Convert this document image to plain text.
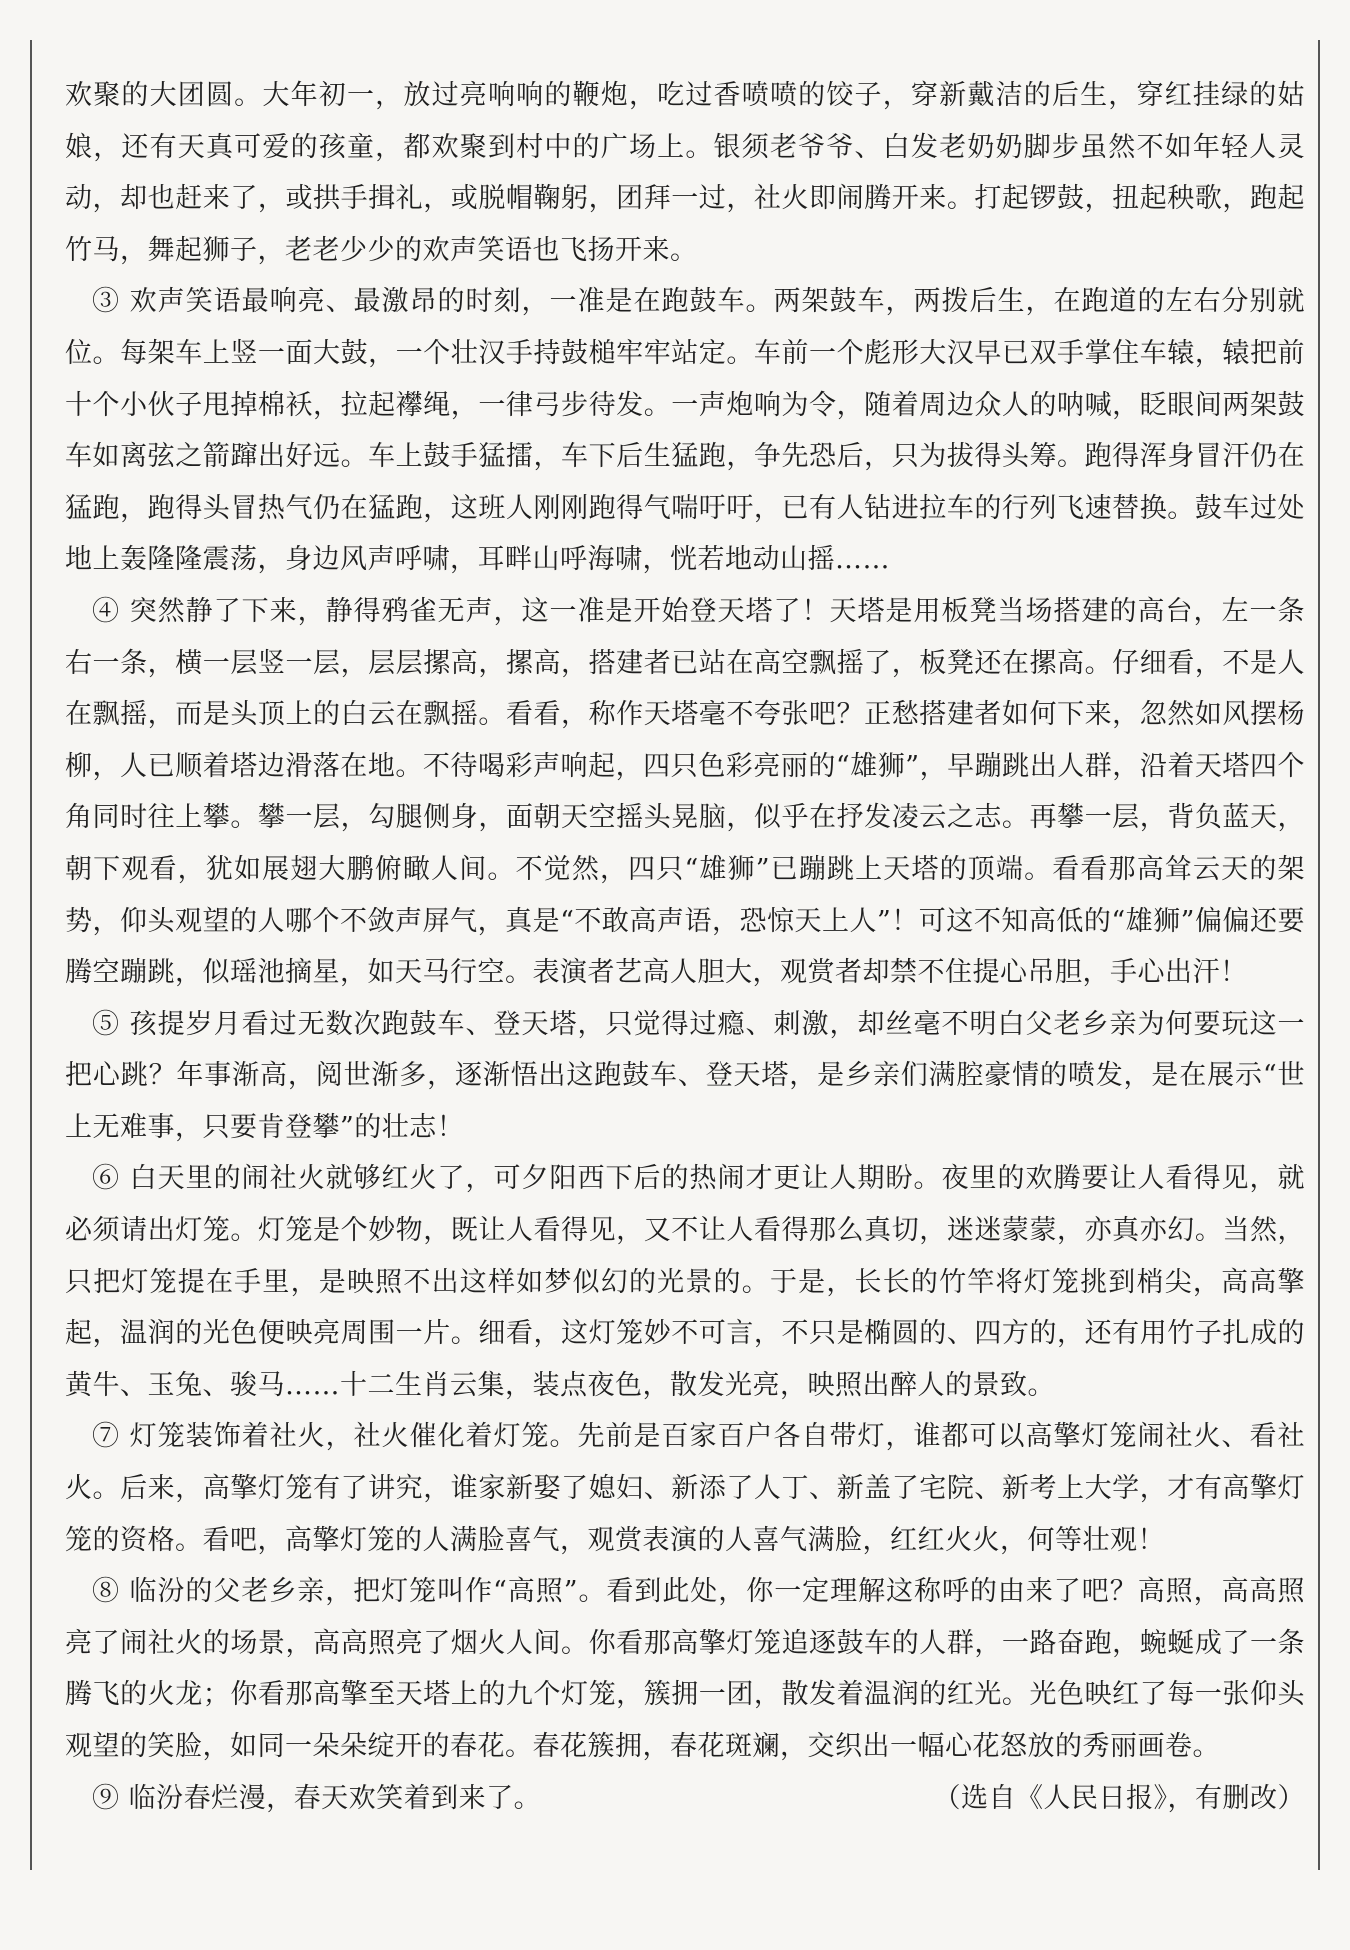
欢聚的大团圆。大年初一，放过亮响响的鞭炮，吃过香喷喷的饺子，穿新戴洁的后生，穿红挂绿的姑娘，还有天真可爱的孩童，都欢聚到村中的广场上。银须老爷爷、白发老奶奶脚步虽然不如年轻人灵动，却也赶来了，或拱手揖礼，或脱帽鞠躬，团拜一过，社火即闹腾开来。打起锣鼓，扭起秧歌，跑起竹马，舞起狮子，老老少少的欢声笑语也飞扬开来。

③ 欢声笑语最响亮、最激昂的时刻，一准是在跑鼓车。两架鼓车，两拨后生，在跑道的左右分别就位。每架车上竖一面大鼓，一个壮汉手持鼓槌牢牢站定。车前一个彪形大汉早已双手掌住车辕，辕把前十个小伙子甩掉棉袄，拉起襻绳，一律弓步待发。一声炮响为令，随着周边众人的呐喊，眨眼间两架鼓车如离弦之箭蹿出好远。车上鼓手猛擂，车下后生猛跑，争先恐后，只为拔得头筹。跑得浑身冒汗仍在猛跑，跑得头冒热气仍在猛跑，这班人刚刚跑得气喘吁吁，已有人钻进拉车的行列飞速替换。鼓车过处地上轰隆隆震荡，身边风声呼啸，耳畔山呼海啸，恍若地动山摇……

④ 突然静了下来，静得鸦雀无声，这一准是开始登天塔了！天塔是用板凳当场搭建的高台，左一条右一条，横一层竖一层，层层摞高，摞高，搭建者已站在高空飘摇了，板凳还在摞高。仔细看，不是人在飘摇，而是头顶上的白云在飘摇。看看，称作天塔毫不夸张吧？正愁搭建者如何下来，忽然如风摆杨柳，人已顺着塔边滑落在地。不待喝彩声响起，四只色彩亮丽的“雄狮”，早蹦跳出人群，沿着天塔四个角同时往上攀。攀一层，勾腿侧身，面朝天空摇头晃脑，似乎在抒发凌云之志。再攀一层，背负蓝天，朝下观看，犹如展翅大鹏俯瞰人间。不觉然，四只“雄狮”已蹦跳上天塔的顶端。看看那高耸云天的架势，仰头观望的人哪个不敛声屏气，真是“不敢高声语，恐惊天上人”！可这不知高低的“雄狮”偏偏还要腾空蹦跳，似瑶池摘星，如天马行空。表演者艺高人胆大，观赏者却禁不住提心吊胆，手心出汗！

⑤ 孩提岁月看过无数次跑鼓车、登天塔，只觉得过瘾、刺激，却丝毫不明白父老乡亲为何要玩这一把心跳？年事渐高，阅世渐多，逐渐悟出这跑鼓车、登天塔，是乡亲们满腔豪情的喷发，是在展示“世上无难事，只要肯登攀”的壮志！

⑥ 白天里的闹社火就够红火了，可夕阳西下后的热闹才更让人期盼。夜里的欢腾要让人看得见，就必须请出灯笼。灯笼是个妙物，既让人看得见，又不让人看得那么真切，迷迷蒙蒙，亦真亦幻。当然，只把灯笼提在手里，是映照不出这样如梦似幻的光景的。于是，长长的竹竿将灯笼挑到梢尖，高高擎起，温润的光色便映亮周围一片。细看，这灯笼妙不可言，不只是椭圆的、四方的，还有用竹子扎成的黄牛、玉兔、骏马……十二生肖云集，装点夜色，散发光亮，映照出醉人的景致。

⑦ 灯笼装饰着社火，社火催化着灯笼。先前是百家百户各自带灯，谁都可以高擎灯笼闹社火、看社火。后来，高擎灯笼有了讲究，谁家新娶了媳妇、新添了人丁、新盖了宅院、新考上大学，才有高擎灯笼的资格。看吧，高擎灯笼的人满脸喜气，观赏表演的人喜气满脸，红红火火，何等壮观！

⑧ 临汾的父老乡亲，把灯笼叫作“高照”。看到此处，你一定理解这称呼的由来了吧？高照，高高照亮了闹社火的场景，高高照亮了烟火人间。你看那高擎灯笼追逐鼓车的人群，一路奋跑，蜿蜒成了一条腾飞的火龙；你看那高擎至天塔上的九个灯笼，簇拥一团，散发着温润的红光。光色映红了每一张仰头观望的笑脸，如同一朵朵绽开的春花。春花簇拥，春花斑斓，交织出一幅心花怒放的秀丽画卷。

⑨ 临汾春烂漫，春天欢笑着到来了。	（选自《人民日报》，有删改）
